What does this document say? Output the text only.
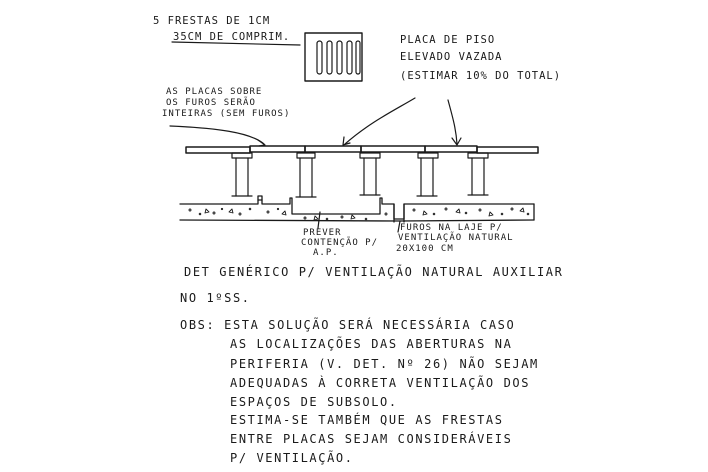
5 FRESTAS DE 1CM
35CM DE COMPRIM.	PLACA DE PISO
ELEVADO VAZADA
(ESTIMAR 10% DO TOTAL)
AS PLACAS SOBRE
OS FUROS SERÃO
INTEIRAS (SEM FUROS)
PREVER
CONTENÇÃO P/
A.P.
FUROS NA LAJE P/
VENTILAÇÃO NATURAL
20X100 CM
DET GENÉRICO P/ VENTILAÇÃO NATURAL AUXILIAR
NO 1ºSS.
OBS: ESTA SOLUÇÃO SERÁ NECESSÁRIA CASO
AS LOCALIZAÇÕES DAS ABERTURAS NA
PERIFERIA (V. DET. Nº 26) NÃO SEJAM
ADEQUADAS À CORRETA VENTILAÇÃO DOS
ESPAÇOS DE SUBSOLO.
ESTIMA-SE TAMBÉM QUE AS FRESTAS
ENTRE PLACAS SEJAM CONSIDERÁVEIS
P/ VENTILAÇÃO.
